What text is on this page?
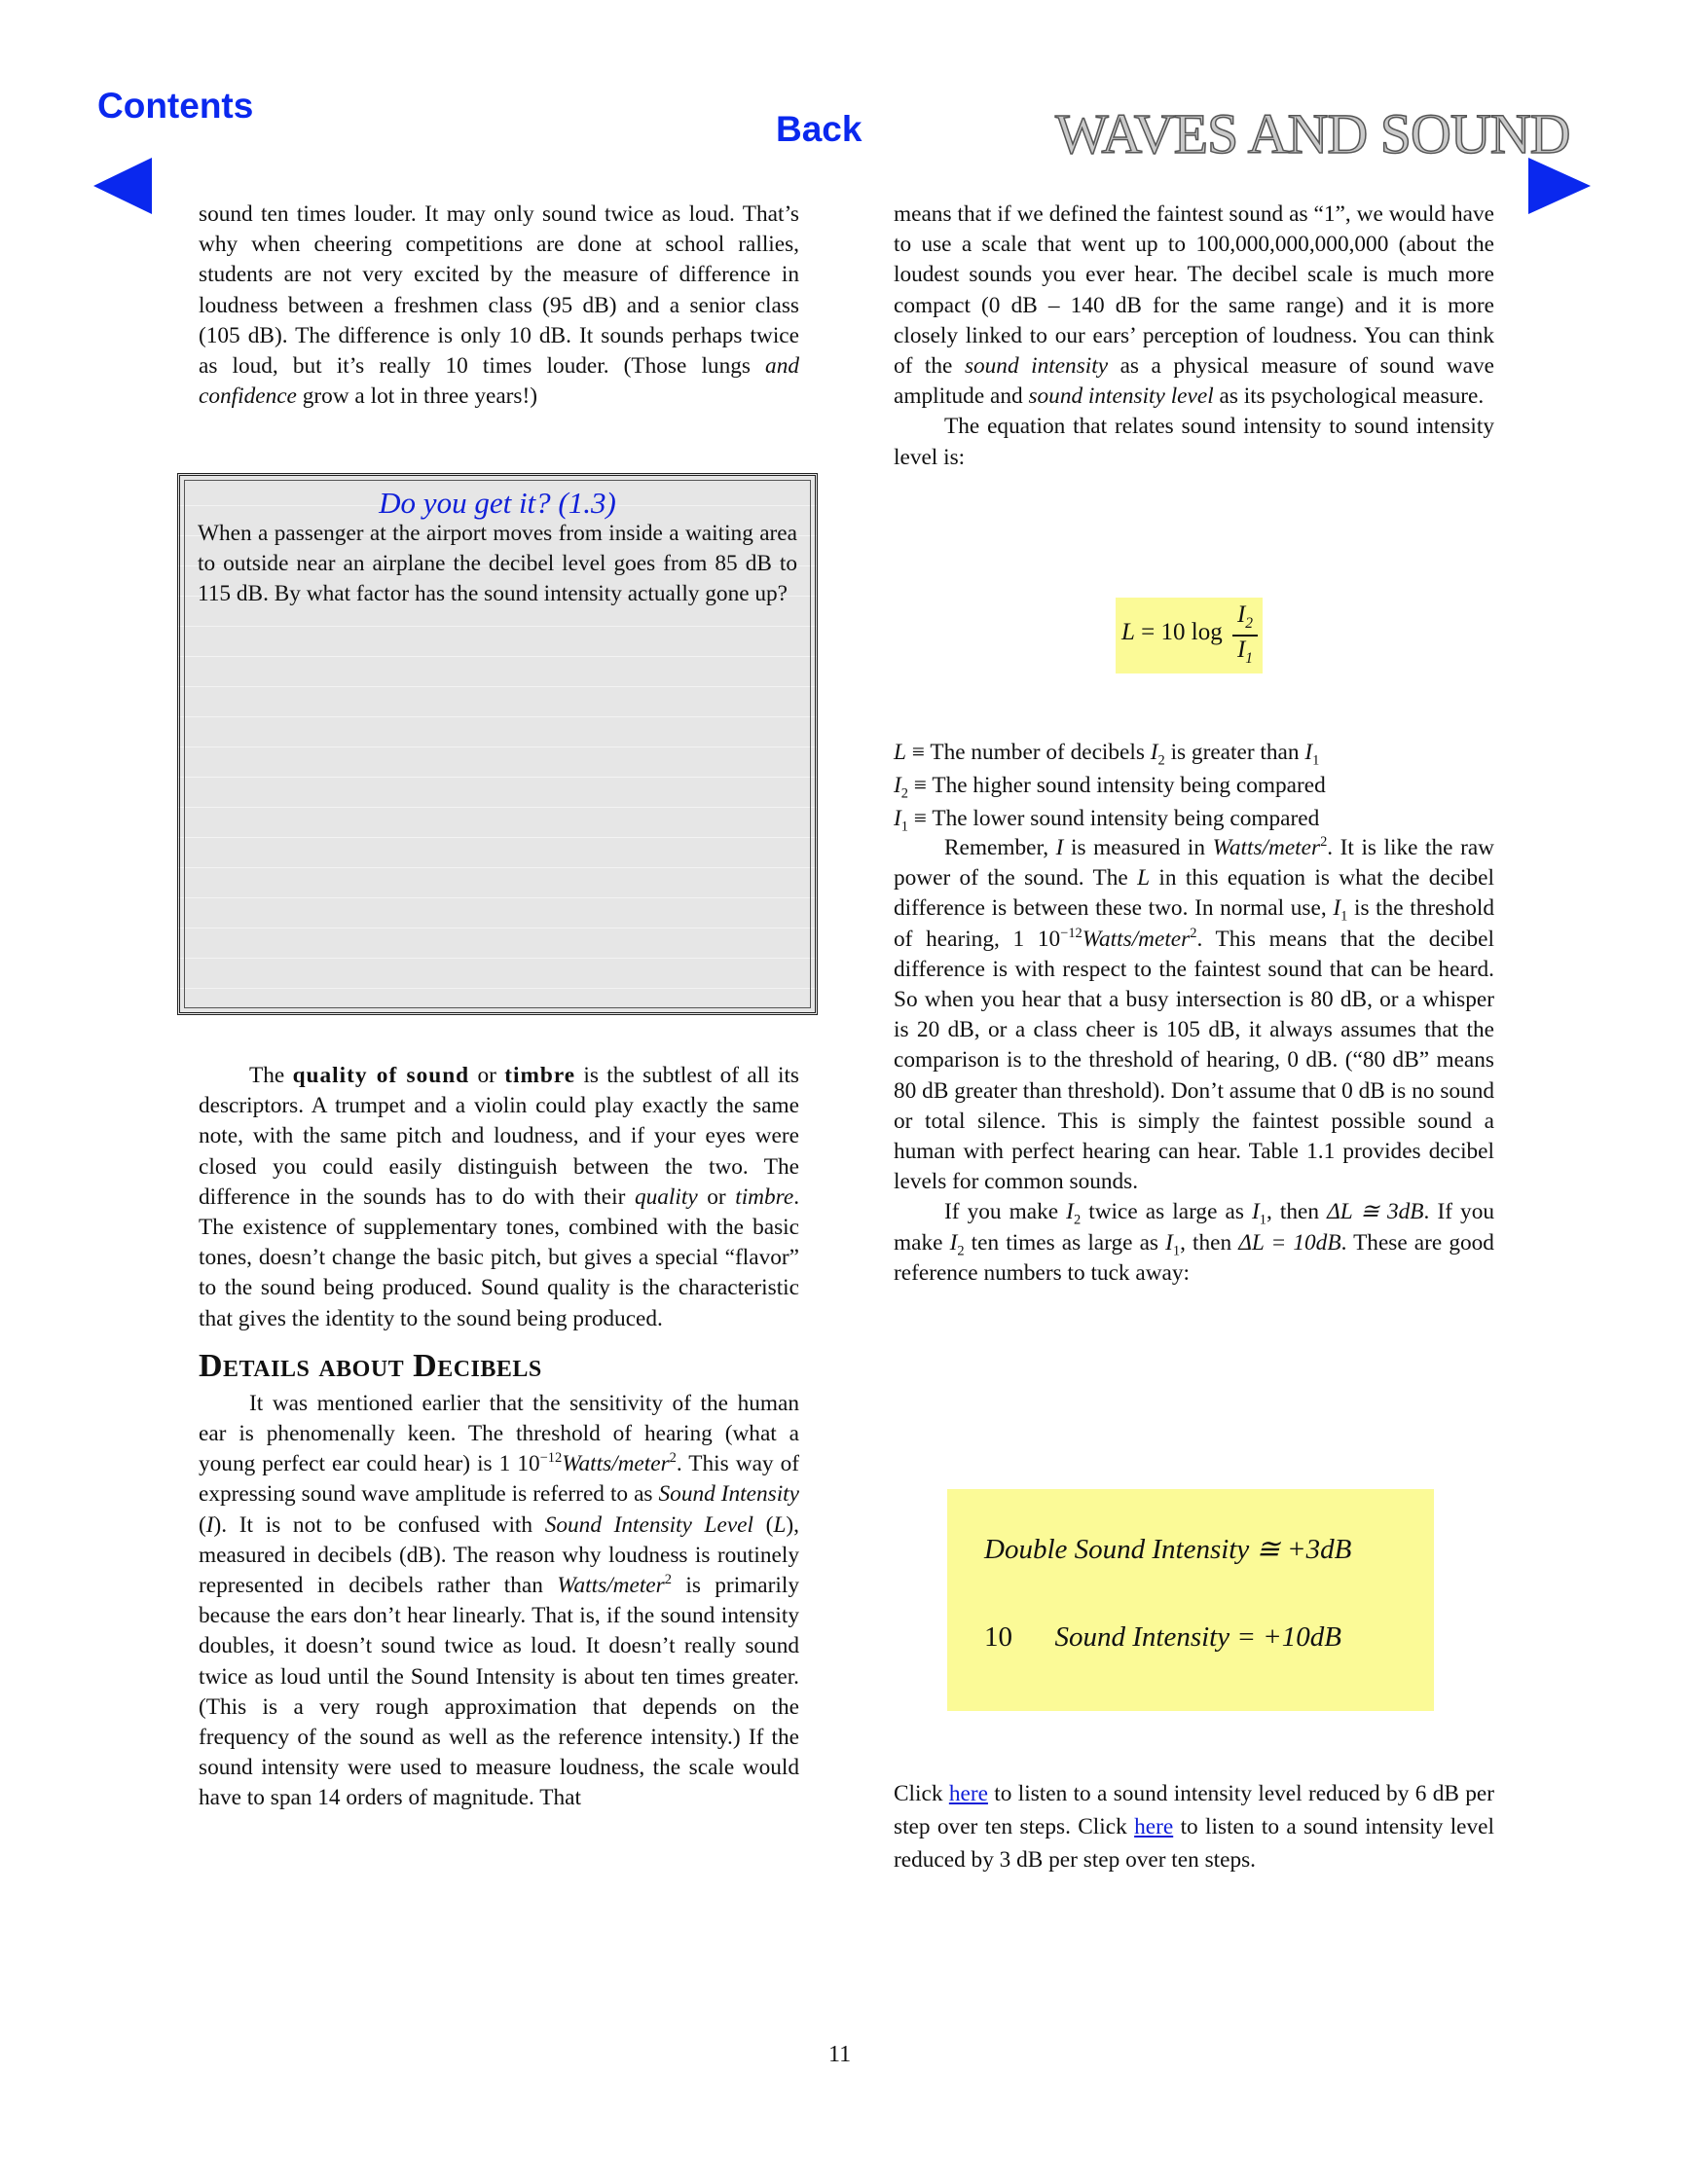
Contents
Back	WAVES AND SOUND

sound ten times louder. It may only sound twice as loud. That’s why when cheering competitions are done at school rallies, students are not very excited by the measure of difference in loudness between a freshmen class (95 dB) and a senior class (105 dB). The difference is only 10 dB. It sounds perhaps twice as loud, but it’s really 10 times louder. (Those lungs and confidence grow a lot in three years!)

Do you get it? (1.3)
When a passenger at the airport moves from inside a waiting area to outside near an airplane the decibel level goes from 85 dB to 115 dB. By what factor has the sound intensity actually gone up?

The quality of sound or timbre is the subtlest of all its descriptors. A trumpet and a violin could play exactly the same note, with the same pitch and loudness, and if your eyes were closed you could easily distinguish between the two. The difference in the sounds has to do with their quality or timbre. The existence of supplementary tones, combined with the basic tones, doesn’t change the basic pitch, but gives a special “flavor” to the sound being produced. Sound quality is the characteristic that gives the identity to the sound being produced.

Details about Decibels

It was mentioned earlier that the sensitivity of the human ear is phenomenally keen. The threshold of hearing (what a young perfect ear could hear) is 1 $10^{-12}Watts/meter^2$. This way of expressing sound wave amplitude is referred to as Sound Intensity (I). It is not to be confused with Sound Intensity Level (L), measured in decibels (dB). The reason why loudness is routinely represented in decibels rather than Watts/meter$^2$ is primarily because the ears don’t hear linearly. That is, if the sound intensity doubles, it doesn’t sound twice as loud. It doesn’t really sound twice as loud until the Sound Intensity is about ten times greater. (This is a very rough approximation that depends on the frequency of the sound as well as the reference intensity.) If the sound intensity were used to measure loudness, the scale would have to span 14 orders of magnitude. That

means that if we defined the faintest sound as “1”, we would have to use a scale that went up to 100,000,000,000,000 (about the loudest sounds you ever hear. The decibel scale is much more compact (0 dB – 140 dB for the same range) and it is more closely linked to our ears’ perception of loudness. You can think of the sound intensity as a physical measure of sound wave amplitude and sound intensity level as its psychological measure.

The equation that relates sound intensity to sound intensity level is:

L = 10 log
$I_2$
$I_1$
L ≡ The number of decibels $I_2$ is greater than $I_1$
$I_2$ ≡ The higher sound intensity being compared
$I_1$ ≡ The lower sound intensity being compared

Remember, I is measured in Watts/meter$^2$. It is like the raw power of the sound. The L in this equation is what the decibel difference is between these two. In normal use, $I_1$ is the threshold of hearing, 1 $10^{-12}Watts/meter^2$. This means that the decibel difference is with respect to the faintest sound that can be heard. So when you hear that a busy intersection is 80 dB, or a whisper is 20 dB, or a class cheer is 105 dB, it always assumes that the comparison is to the threshold of hearing, 0 dB. (“80 dB” means 80 dB greater than threshold). Don’t assume that 0 dB is no sound or total silence. This is simply the faintest possible sound a human with perfect hearing can hear. Table 1.1 provides decibel levels for common sounds.

If you make $I_2$ twice as large as $I_1$, then ΔL ≅ 3dB. If you make $I_2$ ten times as large as $I_1$, then ΔL = 10dB. These are good reference numbers to tuck away:

Double Sound Intensity ≅ +3dB
10 Sound Intensity = +10dB

Click here to listen to a sound intensity level reduced by 6 dB per step over ten steps. Click here to listen to a sound intensity level reduced by 3 dB per step over ten steps.

11
